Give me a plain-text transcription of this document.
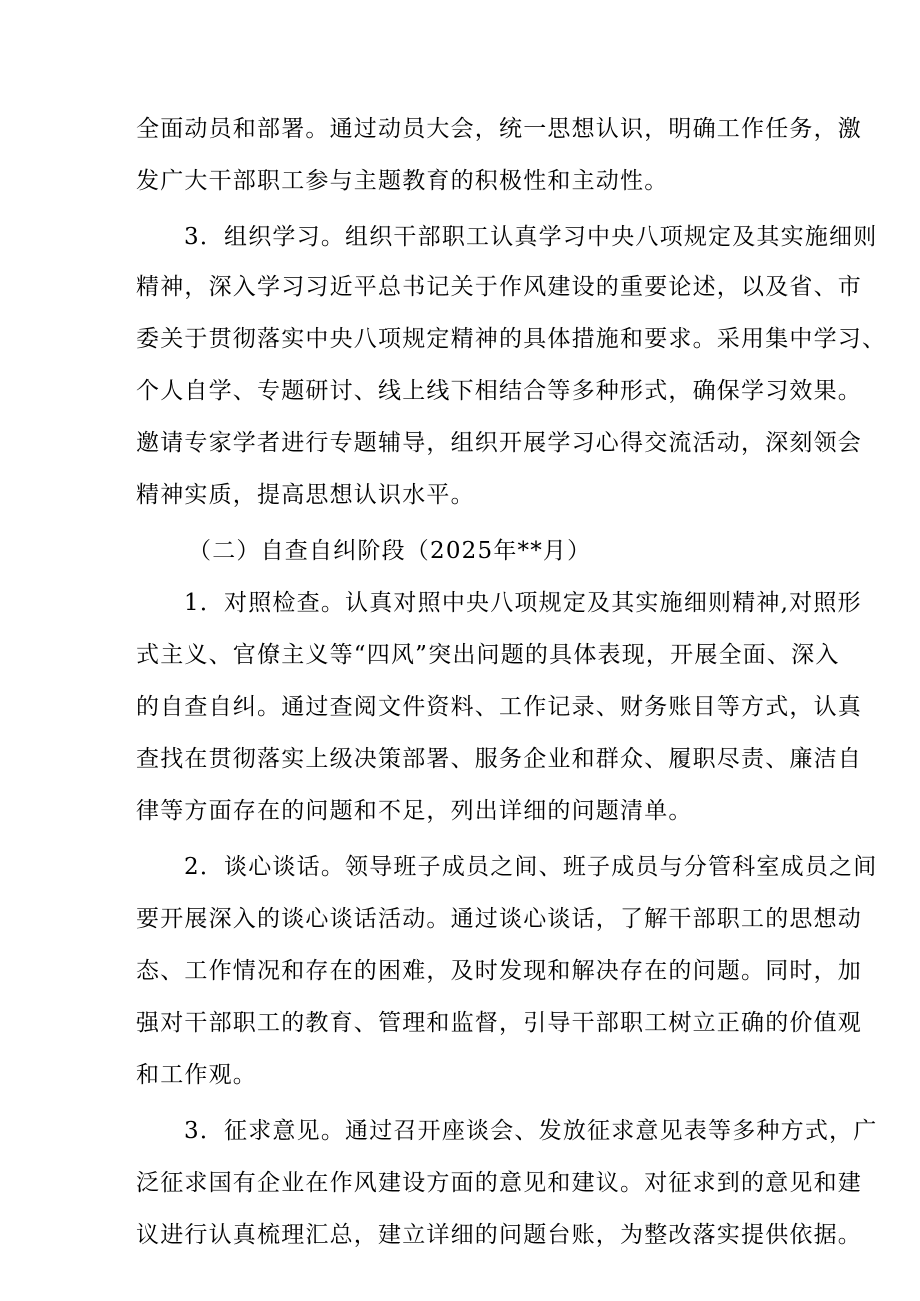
全面动员和部署。通过动员大会，统一思想认识，明确工作任务，激
发广大干部职工参与主题教育的积极性和主动性。
3．组织学习。组织干部职工认真学习中央八项规定及其实施细则
精神，深入学习习近平总书记关于作风建设的重要论述，以及省、市
委关于贯彻落实中央八项规定精神的具体措施和要求。采用集中学习、
个人自学、专题研讨、线上线下相结合等多种形式，确保学习效果。
邀请专家学者进行专题辅导，组织开展学习心得交流活动，深刻领会
精神实质，提高思想认识水平。
（二）自查自纠阶段（2025年**月）
1．对照检查。认真对照中央八项规定及其实施细则精神,对照形
式主义、官僚主义等“四风”突出问题的具体表现，开展全面、深入
的自查自纠。通过查阅文件资料、工作记录、财务账目等方式，认真
查找在贯彻落实上级决策部署、服务企业和群众、履职尽责、廉洁自
律等方面存在的问题和不足，列出详细的问题清单。
2．谈心谈话。领导班子成员之间、班子成员与分管科室成员之间
要开展深入的谈心谈话活动。通过谈心谈话，了解干部职工的思想动
态、工作情况和存在的困难，及时发现和解决存在的问题。同时，加
强对干部职工的教育、管理和监督，引导干部职工树立正确的价值观
和工作观。
3．征求意见。通过召开座谈会、发放征求意见表等多种方式，广
泛征求国有企业在作风建设方面的意见和建议。对征求到的意见和建
议进行认真梳理汇总，建立详细的问题台账，为整改落实提供依据。
